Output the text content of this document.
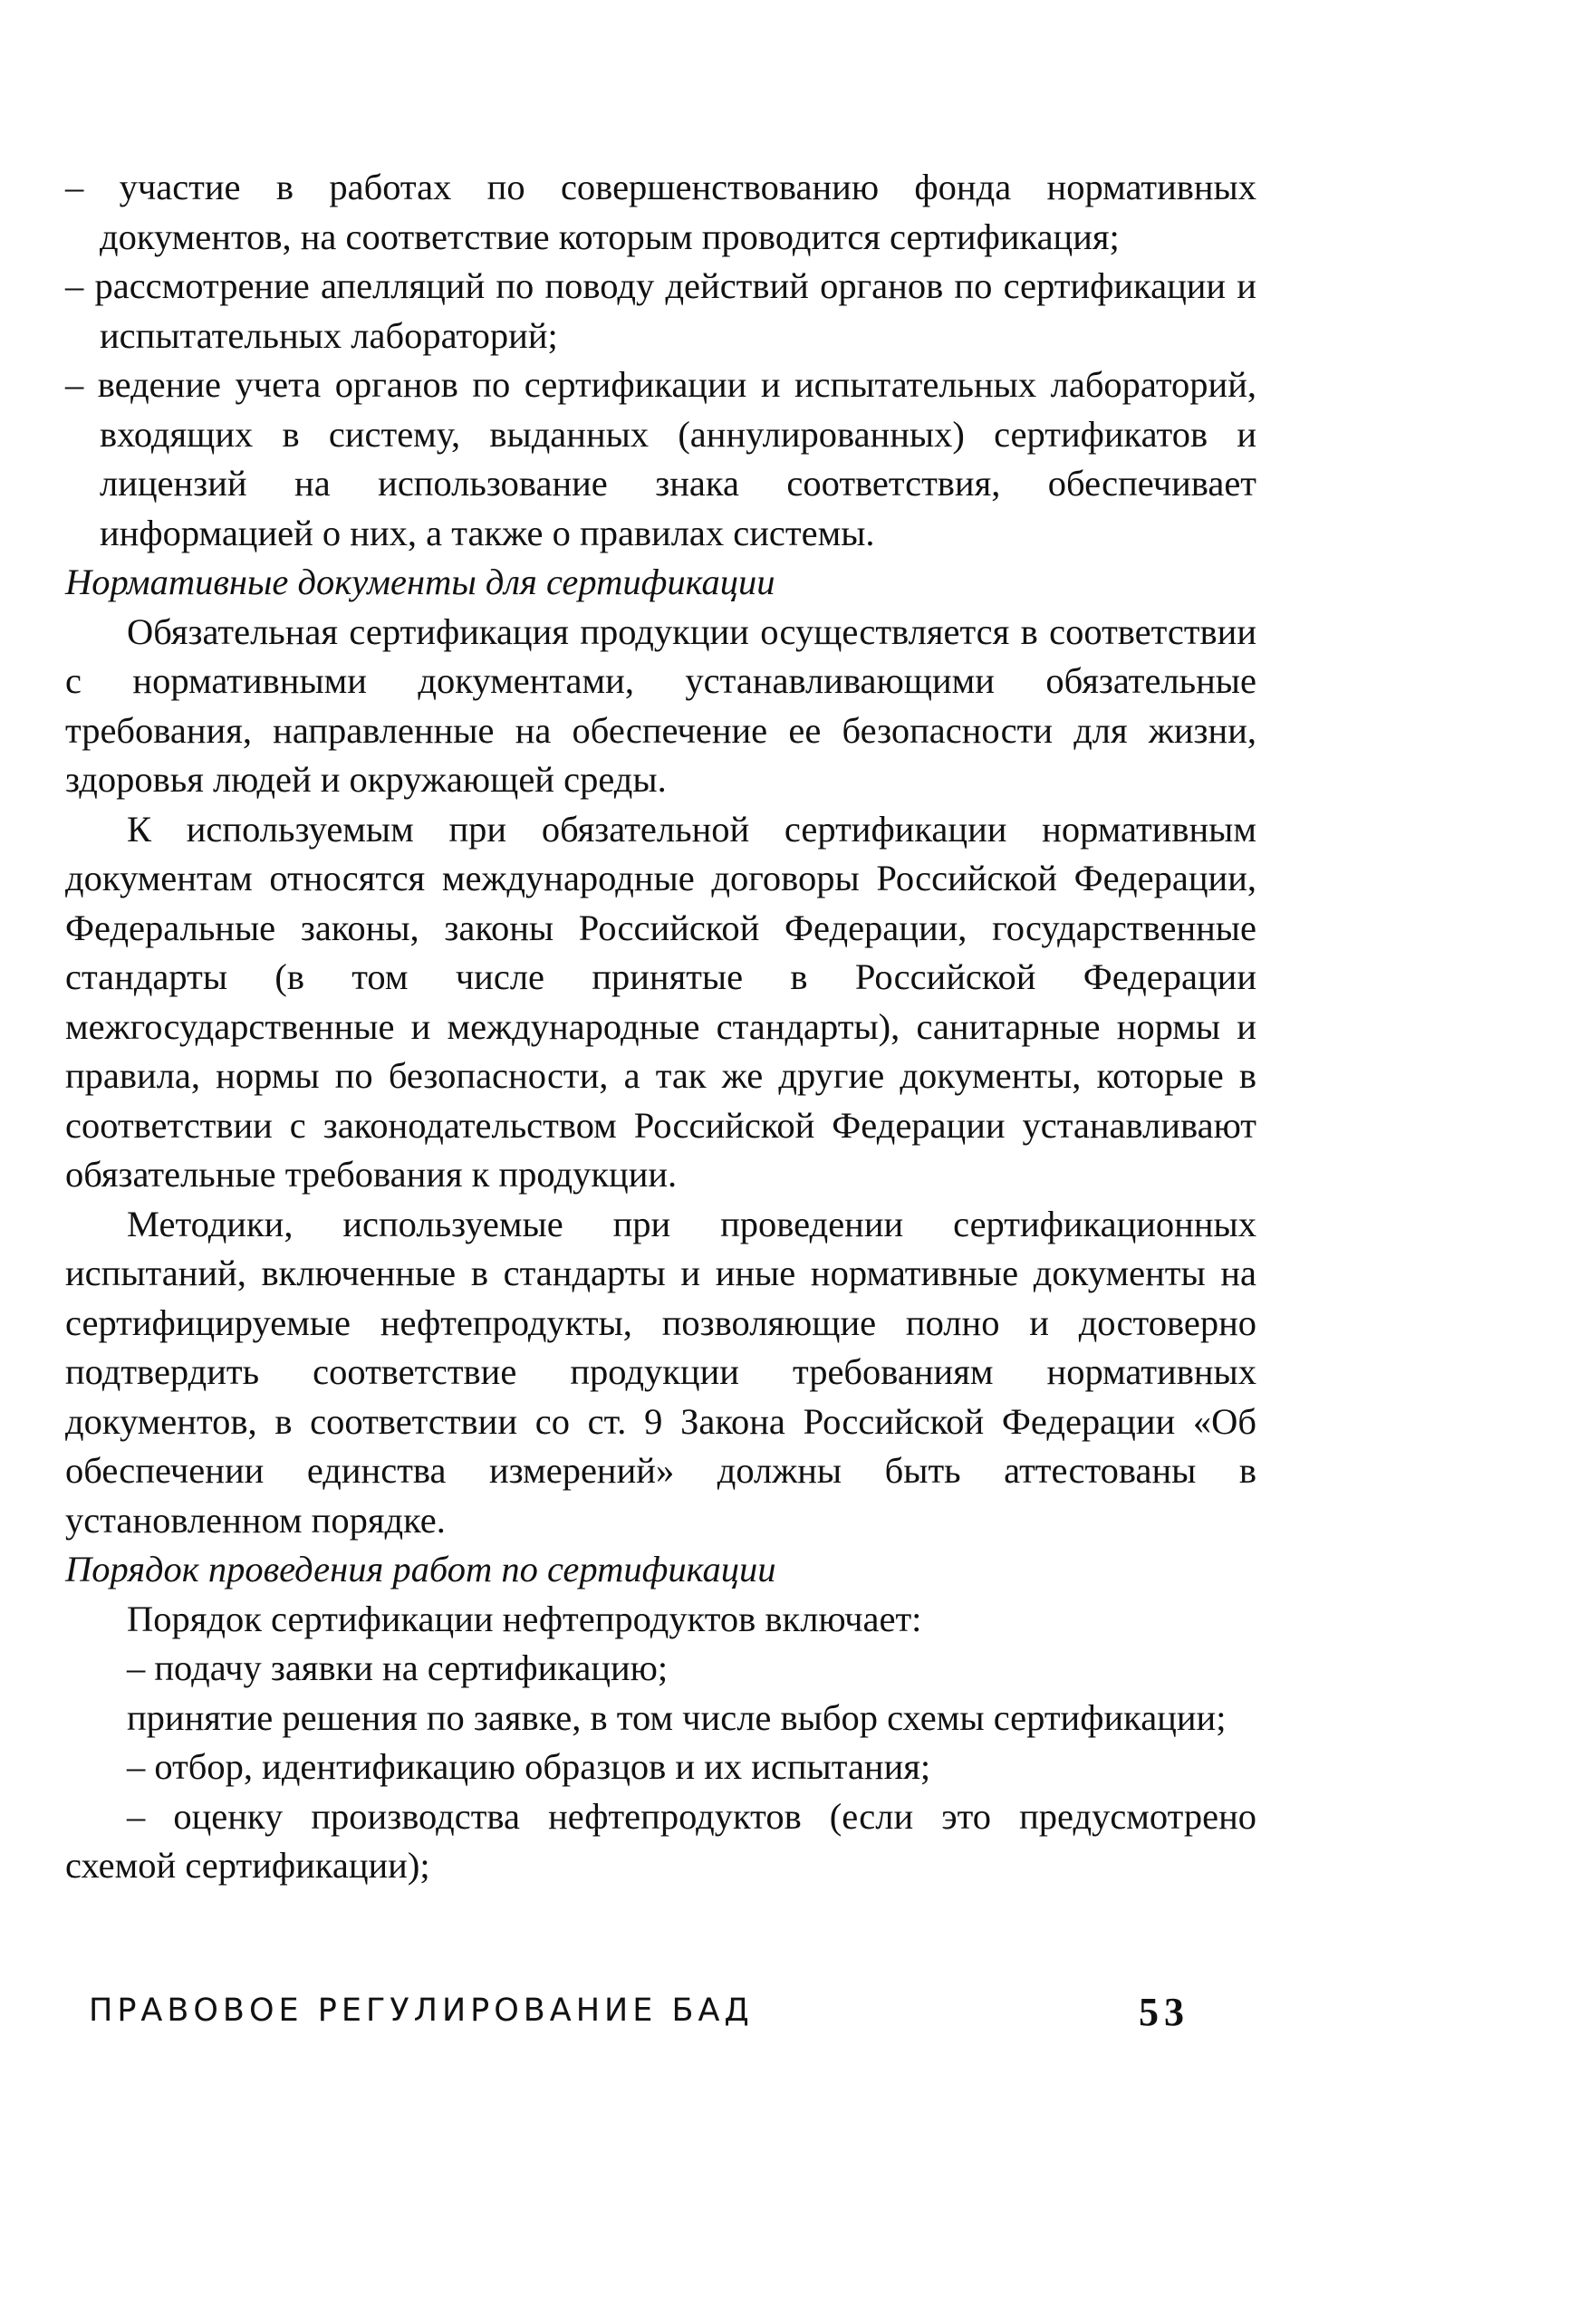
– участие в работах по совершенствованию фонда нормативных документов, на соответствие которым проводится сертификация;

– рассмотрение апелляций по поводу действий органов по сертификации и испытательных лабораторий;

– ведение учета органов по сертификации и испытательных лабораторий, входящих в систему, выданных (аннулированных) сертификатов и лицензий на использование знака соответствия, обеспечивает информацией о них, а также о правилах системы.

Нормативные документы для сертификации

Обязательная сертификация продукции осуществляется в соответствии с нормативными документами, устанавливающими обязательные требования, направленные на обеспечение ее безопасности для жизни, здоровья людей и окружающей среды.

К используемым при обязательной сертификации нормативным документам относятся международные договоры Российской Федерации, Федеральные законы, законы Российской Федерации, государственные стандарты (в том числе принятые в Российской Федерации межгосударственные и международные стандарты), санитарные нормы и правила, нормы по безопасности, а так же другие документы, которые в соответствии с законодательством Российской Федерации устанавливают обязательные требования к продукции.

Методики, используемые при проведении сертификационных испытаний, включенные в стандарты и иные нормативные документы на сертифицируемые нефтепродукты, позволяющие полно и достоверно подтвердить соответствие продукции требованиям нормативных документов, в соответствии со ст. 9 Закона Российской Федерации «Об обеспечении единства измерений» должны быть аттестованы в установленном порядке.

Порядок проведения работ по сертификации

Порядок сертификации нефтепродуктов включает:

– подачу заявки на сертификацию;

принятие решения по заявке, в том числе выбор схемы сертификации;

– отбор, идентификацию образцов и их испытания;

– оценку производства нефтепродуктов (если это предусмотрено схемой сертификации);

ПРАВОВОЕ РЕГУЛИРОВАНИЕ БАД	53
